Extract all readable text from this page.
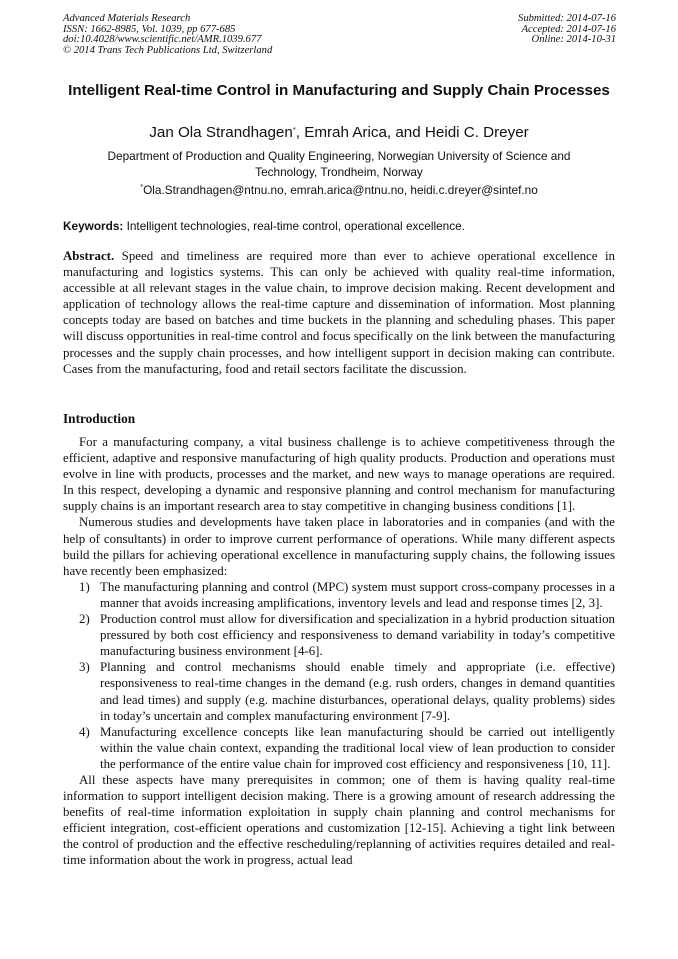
Advanced Materials Research
ISSN: 1662-8985, Vol. 1039, pp 677-685
doi:10.4028/www.scientific.net/AMR.1039.677
© 2014 Trans Tech Publications Ltd, Switzerland
Submitted: 2014-07-16
Accepted: 2014-07-16
Online: 2014-10-31
Intelligent Real-time Control in Manufacturing and Supply Chain Processes
Jan Ola Strandhagen*, Emrah Arica, and Heidi C. Dreyer
Department of Production and Quality Engineering, Norwegian University of Science and Technology, Trondheim, Norway
*Ola.Strandhagen@ntnu.no, emrah.arica@ntnu.no, heidi.c.dreyer@sintef.no
Keywords: Intelligent technologies, real-time control, operational excellence.
Abstract. Speed and timeliness are required more than ever to achieve operational excellence in manufacturing and logistics systems. This can only be achieved with quality real-time information, accessible at all relevant stages in the value chain, to improve decision making. Recent development and application of technology allows the real-time capture and dissemination of information. Most planning concepts today are based on batches and time buckets in the planning and scheduling phases. This paper will discuss opportunities in real-time control and focus specifically on the link between the manufacturing processes and the supply chain processes, and how intelligent support in decision making can contribute. Cases from the manufacturing, food and retail sectors facilitate the discussion.
Introduction

For a manufacturing company, a vital business challenge is to achieve competitiveness through the efficient, adaptive and responsive manufacturing of high quality products. Production and operations must evolve in line with products, processes and the market, and new ways to manage operations are required. In this respect, developing a dynamic and responsive planning and control mechanism for manufacturing supply chains is an important research area to stay competitive in changing business conditions [1].

Numerous studies and developments have taken place in laboratories and in companies (and with the help of consultants) in order to improve current performance of operations. While many different aspects build the pillars for achieving operational excellence in manufacturing supply chains, the following issues have recently been emphasized:

1) The manufacturing planning and control (MPC) system must support cross-company processes in a manner that avoids increasing amplifications, inventory levels and lead and response times [2, 3].
2) Production control must allow for diversification and specialization in a hybrid production situation pressured by both cost efficiency and responsiveness to demand variability in today’s competitive manufacturing business environment [4-6].
3) Planning and control mechanisms should enable timely and appropriate (i.e. effective) responsiveness to real-time changes in the demand (e.g. rush orders, changes in demand quantities and lead times) and supply (e.g. machine disturbances, operational delays, quality problems) sides in today’s uncertain and complex manufacturing environment [7-9].
4) Manufacturing excellence concepts like lean manufacturing should be carried out intelligently within the value chain context, expanding the traditional local view of lean production to consider the performance of the entire value chain for improved cost efficiency and responsiveness [10, 11].

All these aspects have many prerequisites in common; one of them is having quality real-time information to support intelligent decision making. There is a growing amount of research addressing the benefits of real-time information exploitation in supply chain planning and control mechanisms for efficient integration, cost-efficient operations and customization [12-15]. Achieving a tight link between the control of production and the effective rescheduling/replanning of activities requires detailed and real-time information about the work in progress, actual lead
